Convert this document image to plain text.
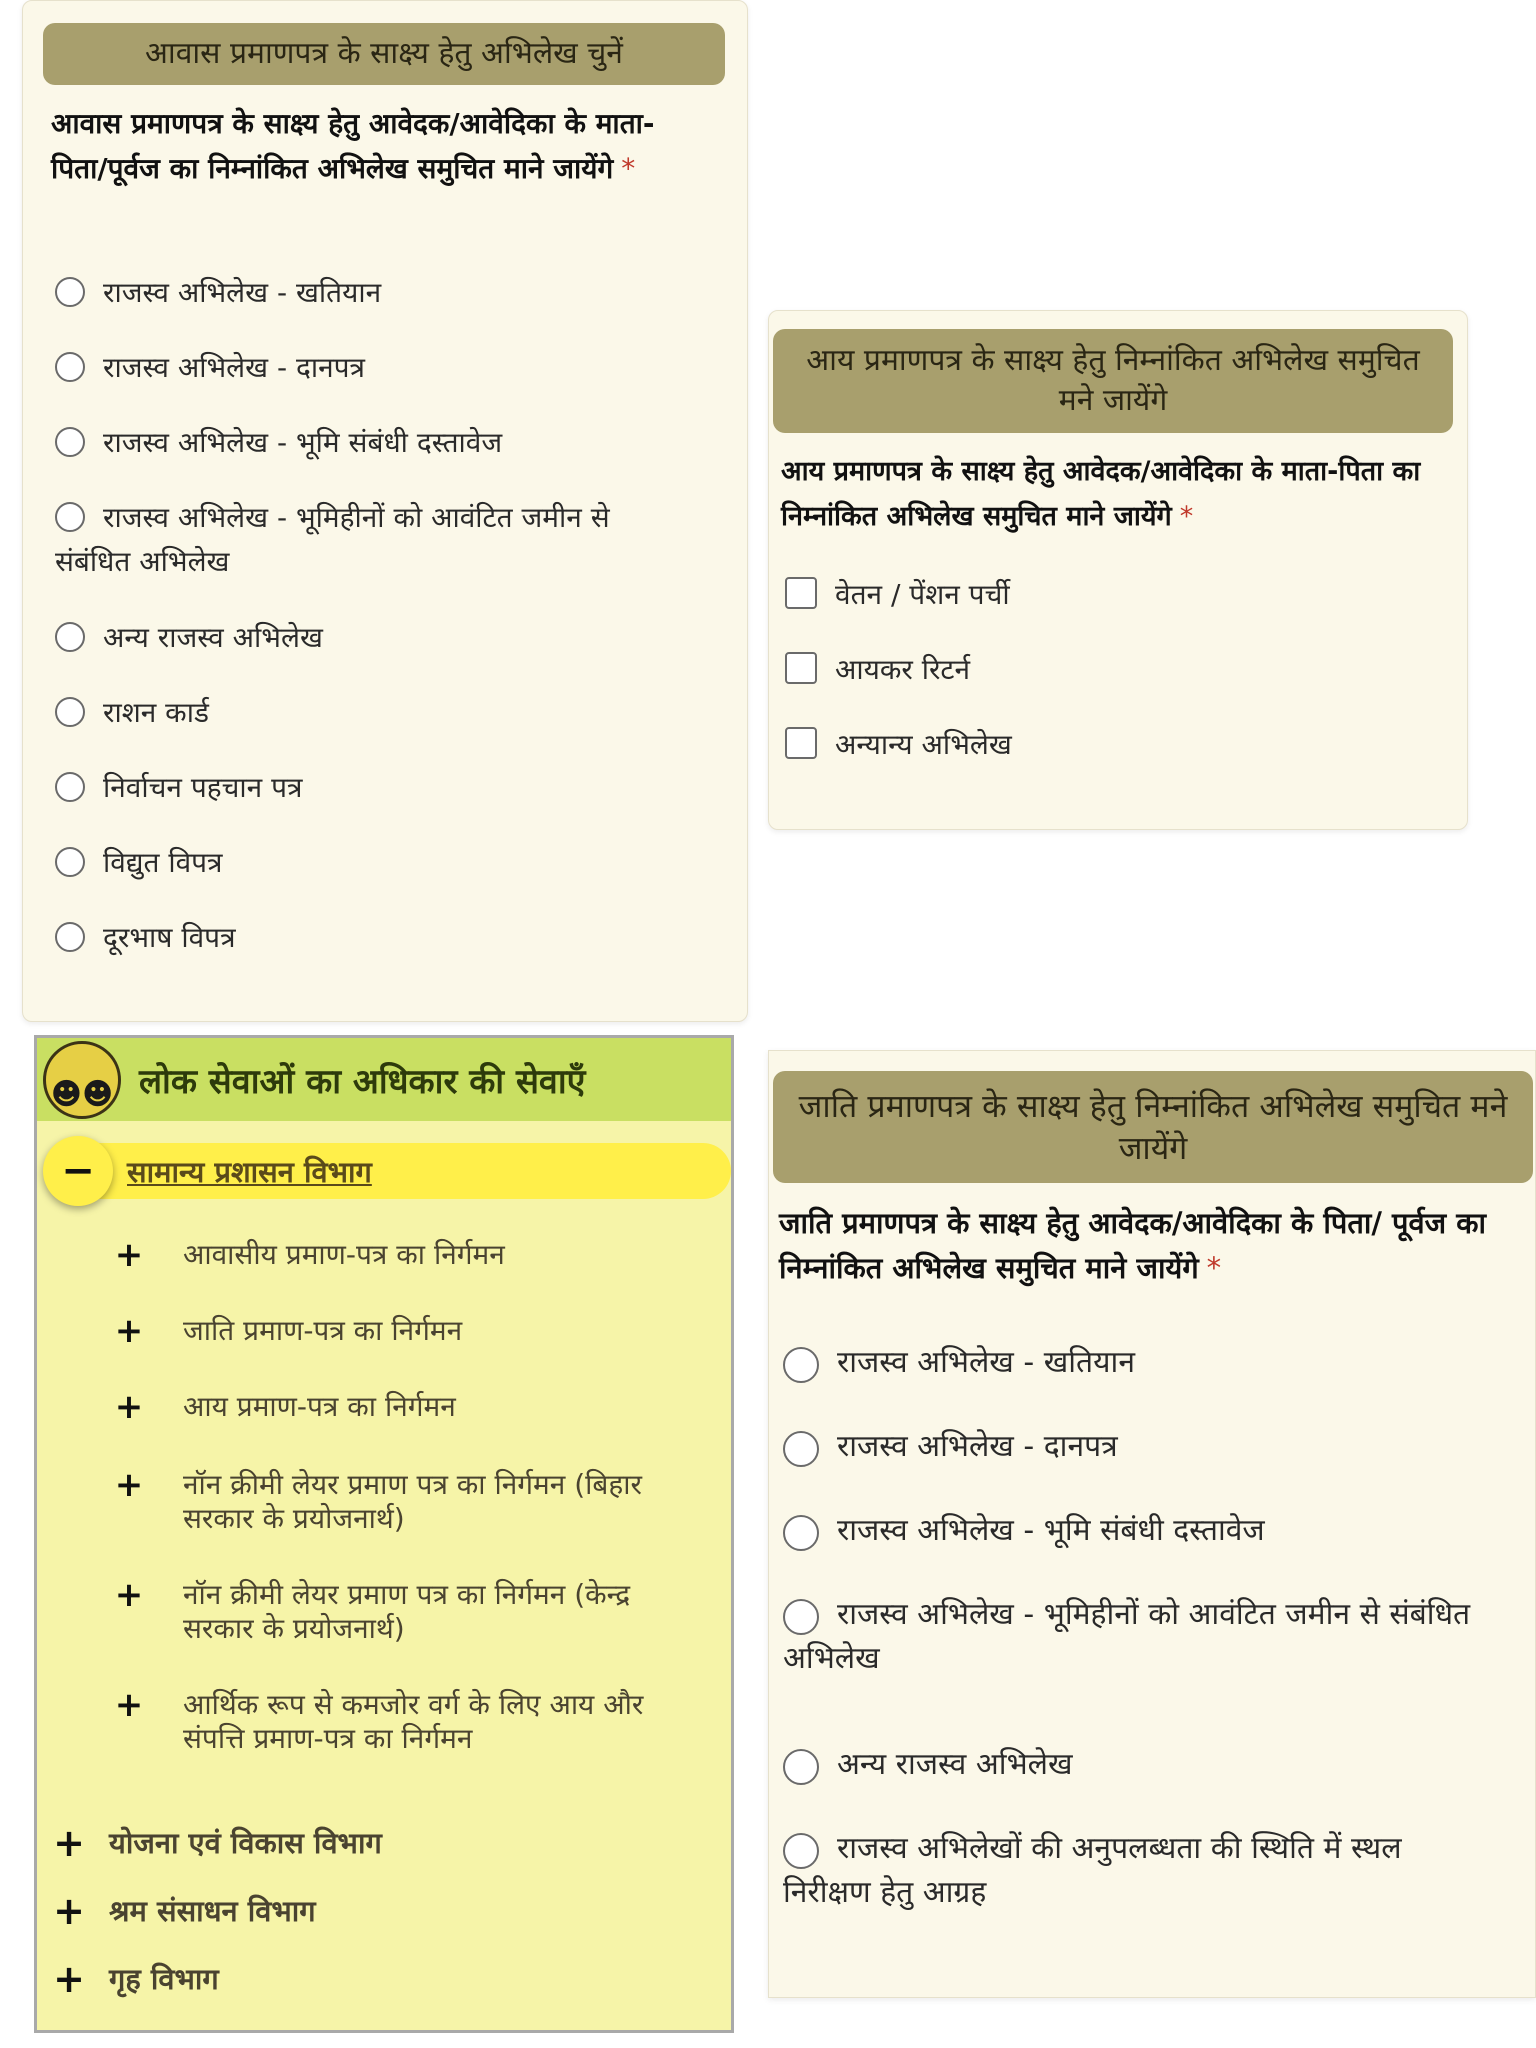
आवास प्रमाणपत्र के साक्ष्य हेतु अभिलेख चुनें
आवास प्रमाणपत्र के साक्ष्य हेतु आवेदक/आवेदिका के माता-पिता/पूर्वज का निम्नांकित अभिलेख समुचित माने जायेंगे *
राजस्व अभिलेख - खतियान
राजस्व अभिलेख - दानपत्र
राजस्व अभिलेख - भूमि संबंधी दस्तावेज
राजस्व अभिलेख - भूमिहीनों को आवंटित जमीन से संबंधित अभिलेख
अन्य राजस्व अभिलेख
राशन कार्ड
निर्वाचन पहचान पत्र
विद्युत विपत्र
दूरभाष विपत्र
आय प्रमाणपत्र के साक्ष्य हेतु निम्नांकित अभिलेख समुचित मने जायेंगे
आय प्रमाणपत्र के साक्ष्य हेतु आवेदक/आवेदिका के माता-पिता का निम्नांकित अभिलेख समुचित माने जायेंगे *
वेतन / पेंशन पर्ची
आयकर रिटर्न
अन्यान्य अभिलेख
☻☻ लोक सेवाओं का अधिकार की सेवाएँ
−	सामान्य प्रशासन विभाग
+ आवासीय प्रमाण-पत्र का निर्गमन
+ जाति प्रमाण-पत्र का निर्गमन
+ आय प्रमाण-पत्र का निर्गमन
+ नॉन क्रीमी लेयर प्रमाण पत्र का निर्गमन (बिहार सरकार के प्रयोजनार्थ)
+ नॉन क्रीमी लेयर प्रमाण पत्र का निर्गमन (केन्द्र सरकार के प्रयोजनार्थ)
+ आर्थिक रूप से कमजोर वर्ग के लिए आय और संपत्ति प्रमाण-पत्र का निर्गमन
+ योजना एवं विकास विभाग
+ श्रम संसाधन विभाग
+ गृह विभाग
जाति प्रमाणपत्र के साक्ष्य हेतु निम्नांकित अभिलेख समुचित मने जायेंगे
जाति प्रमाणपत्र के साक्ष्य हेतु आवेदक/आवेदिका के पिता/ पूर्वज का निम्नांकित अभिलेख समुचित माने जायेंगे *
राजस्व अभिलेख - खतियान
राजस्व अभिलेख - दानपत्र
राजस्व अभिलेख - भूमि संबंधी दस्तावेज
राजस्व अभिलेख - भूमिहीनों को आवंटित जमीन से संबंधित अभिलेख
अन्य राजस्व अभिलेख
राजस्व अभिलेखों की अनुपलब्धता की स्थिति में स्थल निरीक्षण हेतु आग्रह
